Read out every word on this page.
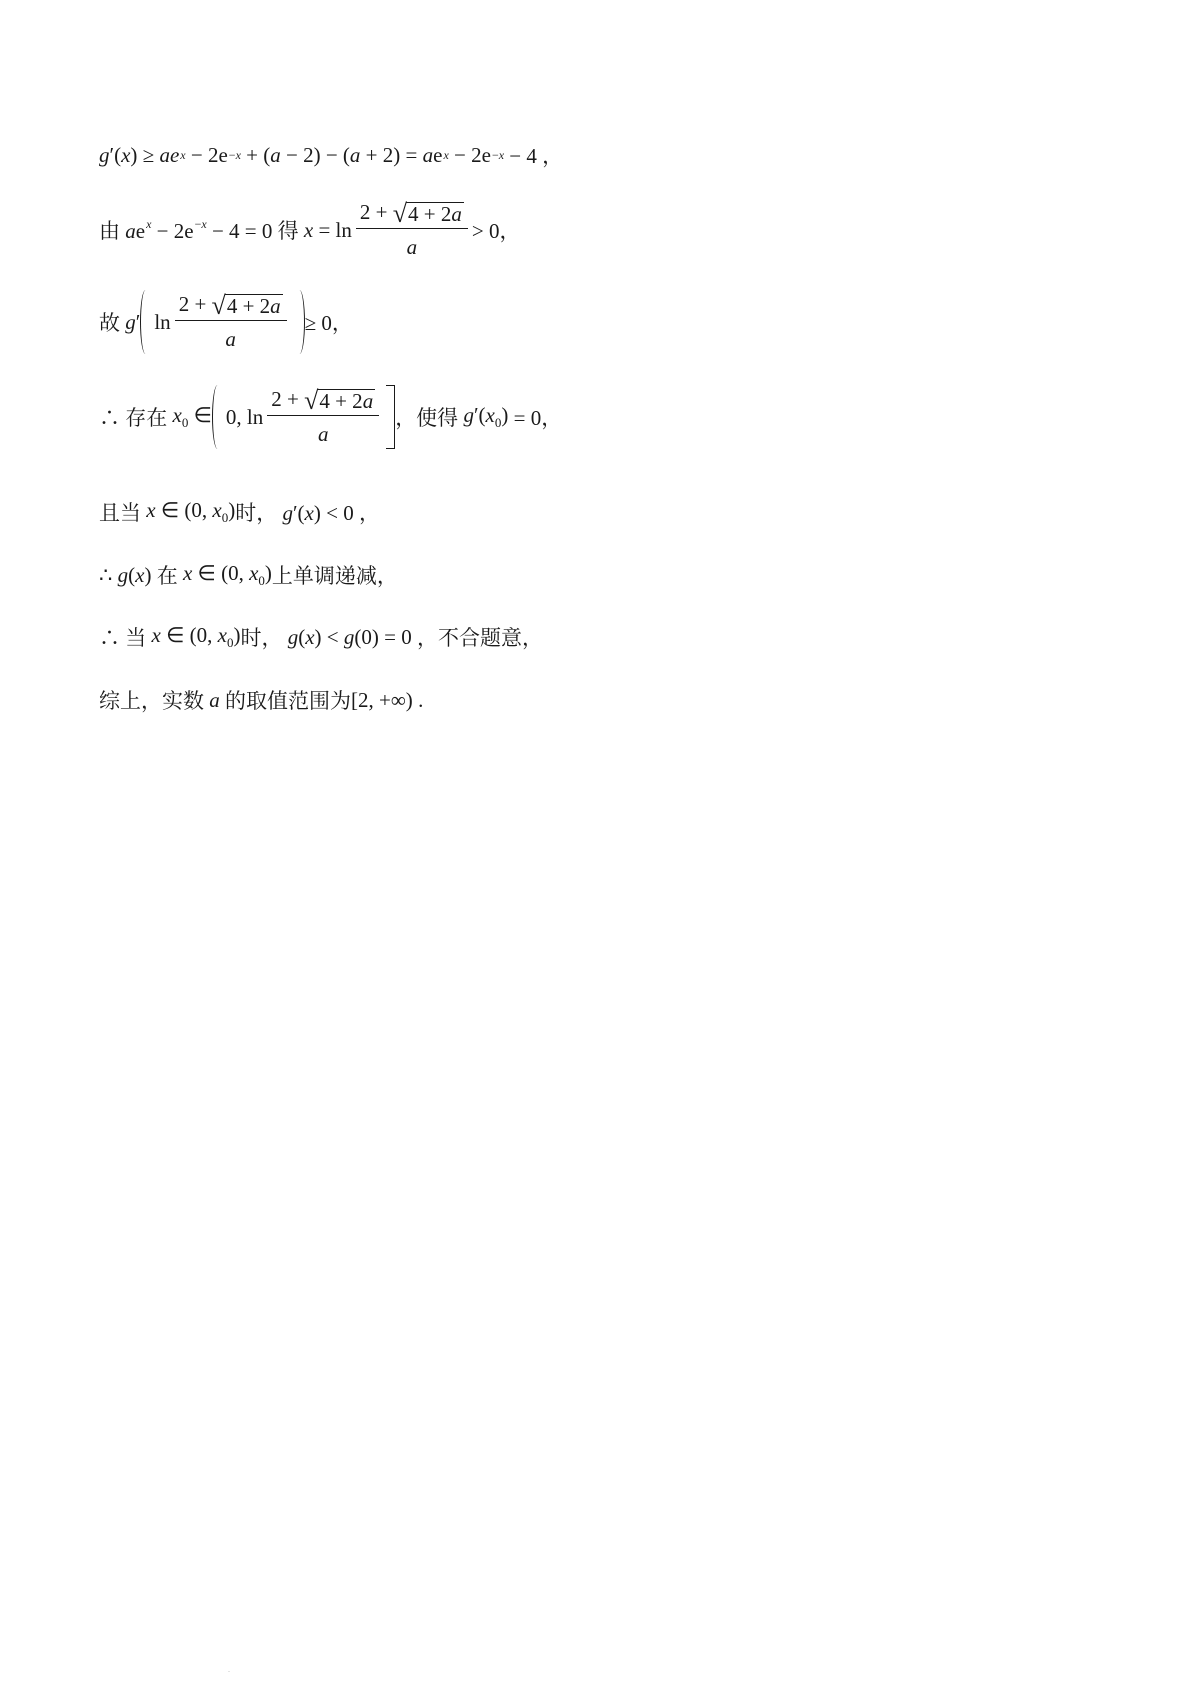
g ′( x ) ≥ ae x − 2e −x + ( a − 2) − ( a + 2) = a e x − 2e −x − 4 ，
由 $ae^x - 2e^{-x} - 4 = 0$ 得 $x = \ln \frac{2 + √ 4 + 2a}{a} > 0$，
故 g′ $\ln \frac{2 + √ 4 + 2a}{a} \ge 0$，
∴ 存在 $x_0$ ∈ 0, $\ln \frac{2 + √ 4 + 2a}{a}$ ，使得 $g'(x_0) = 0$，
且当 x ∈ (0, $x_0$) 时， g′(x) < 0 ，
∴ g(x) 在 x ∈ (0, $x_0$) 上单调递减，
∴ 当 x ∈ (0, $x_0$) 时， g(x) < g(0) = 0 ，不合题意，
综上，实数
a
的取值范围为 [2, +∞)
.
.
